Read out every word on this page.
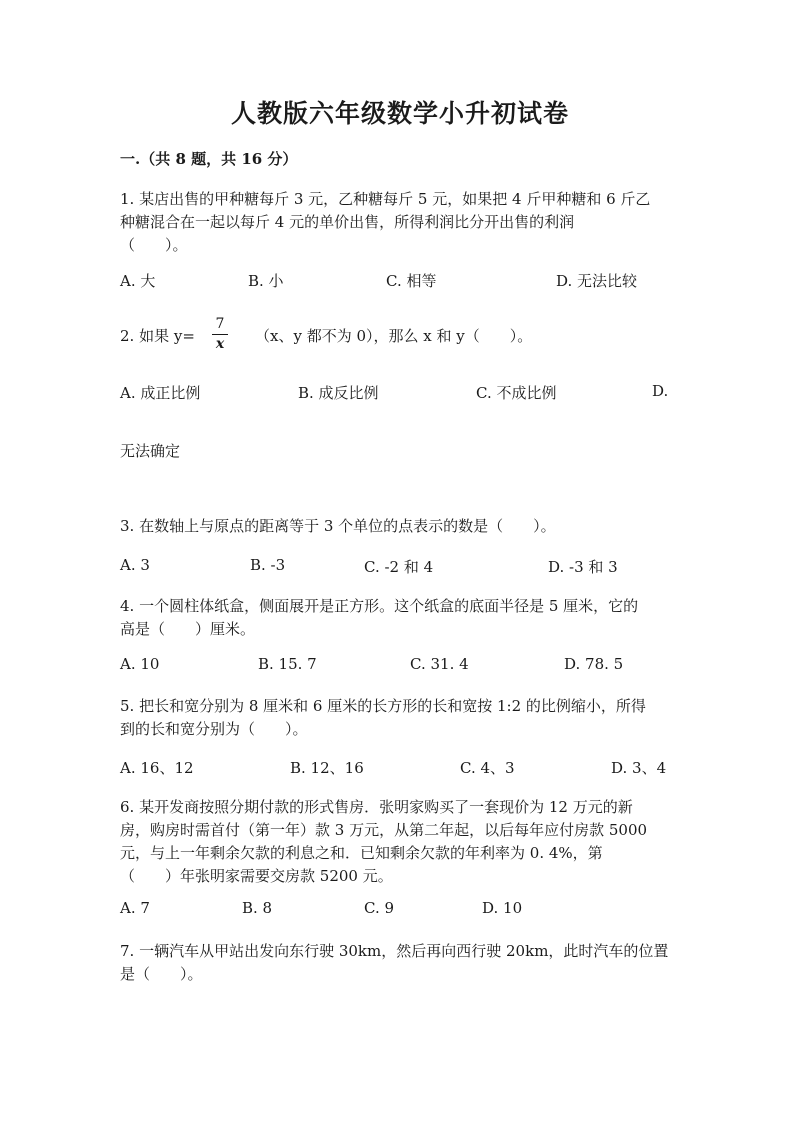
人教版六年级数学小升初试卷
一.（共 8 题，共 16 分）
1. 某店出售的甲种糖每斤 3 元，乙种糖每斤 5 元，如果把 4 斤甲种糖和 6 斤乙
种糖混合在一起以每斤 4 元的单价出售，所得利润比分开出售的利润
（　　）。
A. 大	B. 小	C. 相等	D. 无法比较
2. 如果 y=
7
x	（x、y 都不为 0），那么 x 和 y（　　）。
A. 成正比例	B. 成反比例	C. 不成比例	D.
无法确定
3. 在数轴上与原点的距离等于 3 个单位的点表示的数是（　　）。
A. 3	B. -3	C. -2 和 4	D. -3 和 3
4. 一个圆柱体纸盒，侧面展开是正方形。这个纸盒的底面半径是 5 厘米，它的
高是（　　）厘米。
A. 10	B. 15. 7	C. 31. 4	D. 78. 5
5. 把长和宽分别为 8 厘米和 6 厘米的长方形的长和宽按 1:2 的比例缩小，所得
到的长和宽分别为（　　）。
A. 16、12	B. 12、16	C. 4、3	D. 3、4
6. 某开发商按照分期付款的形式售房．张明家购买了一套现价为 12 万元的新
房，购房时需首付（第一年）款 3 万元，从第二年起，以后每年应付房款 5000
元，与上一年剩余欠款的利息之和．已知剩余欠款的年利率为 0. 4%，第
（　　）年张明家需要交房款 5200 元。
A. 7	B. 8	C. 9	D. 10
7. 一辆汽车从甲站出发向东行驶 30km，然后再向西行驶 20km，此时汽车的位置
是（　　）。
